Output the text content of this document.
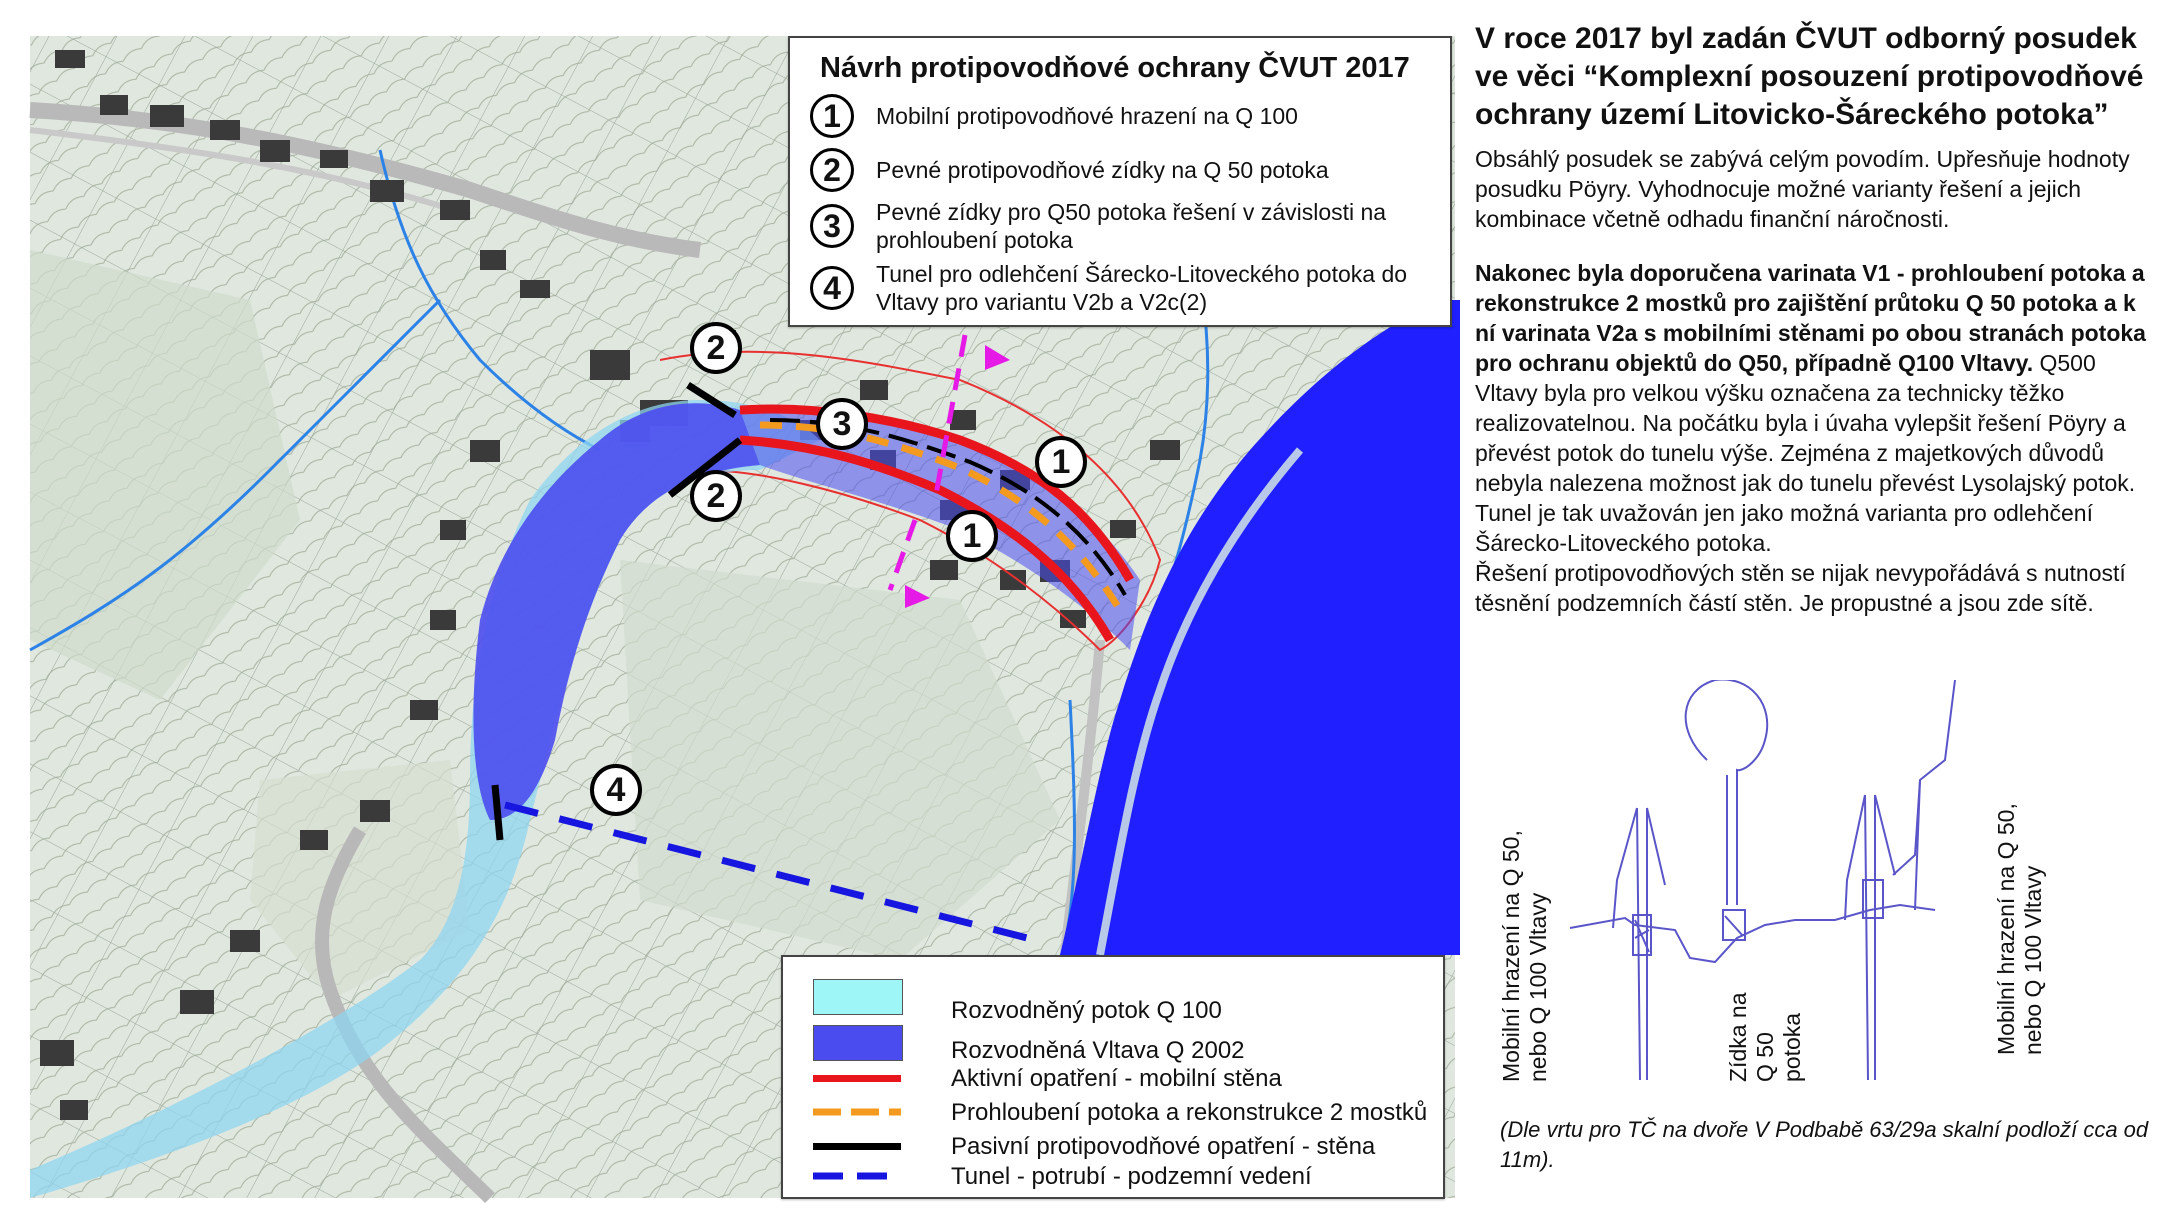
2
3
1
2
1
4
Návrh protipovodňové ochrany ČVUT 2017
1	Mobilní protipovodňové hrazení na Q 100
2	Pevné protipovodňové zídky na Q 50 potoka
3	Pevné zídky pro Q50 potoka řešení v závislosti na prohloubení potoka
4	Tunel pro odlehčení Šárecko-Litoveckého potoka do Vltavy pro variantu V2b a V2c(2)
Rozvodněný potok Q 100
Rozvodněná Vltava Q 2002
Aktivní opatření - mobilní stěna
Prohloubení potoka a rekonstrukce 2 mostků
Pasivní protipovodňové opatření - stěna
Tunel - potrubí - podzemní vedení

V roce 2017 byl zadán ČVUT odborný posudek ve věci “Komplexní posouzení protipovodňové ochrany území Litovicko-Šáreckého potoka”

Obsáhlý posudek se zabývá celým povodím. Upřesňuje hodnoty posudku Pöyry. Vyhodnocuje možné varianty řešení a jejich kombinace včetně odhadu finanční náročnosti.

Nakonec byla doporučena varinata V1 - prohloubení potoka a rekonstrukce 2 mostků pro zajištění průtoku Q 50 potoka a k ní varinata V2a s mobilními stěnami po obou stranách potoka pro ochranu objektů do Q50, případně Q100 Vltavy. Q500 Vltavy byla pro velkou výšku označena za technicky těžko realizovatelnou. Na počátku byla i úvaha vylepšit řešení Pöyry a převést potok do tunelu výše. Zejména z majetkových důvodů nebyla nalezena možnost jak do tunelu převést Lysolajský potok. Tunel je tak uvažován jen jako možná varianta pro odlehčení Šárecko-Litoveckého potoka.

Řešení protipovodňových stěn se nijak nevypořádává s nutností těsnění podzemních částí stěn. Je propustné a jsou zde sítě.

Mobilní hrazení na Q 50, nebo Q 100 Vltavy	Zídka na Q 50 potoka	Mobilní hrazení na Q 50, nebo Q 100 Vltavy
(Dle vrtu pro TČ na dvoře V Podbabě 63/29a skalní podloží cca od 11m).
